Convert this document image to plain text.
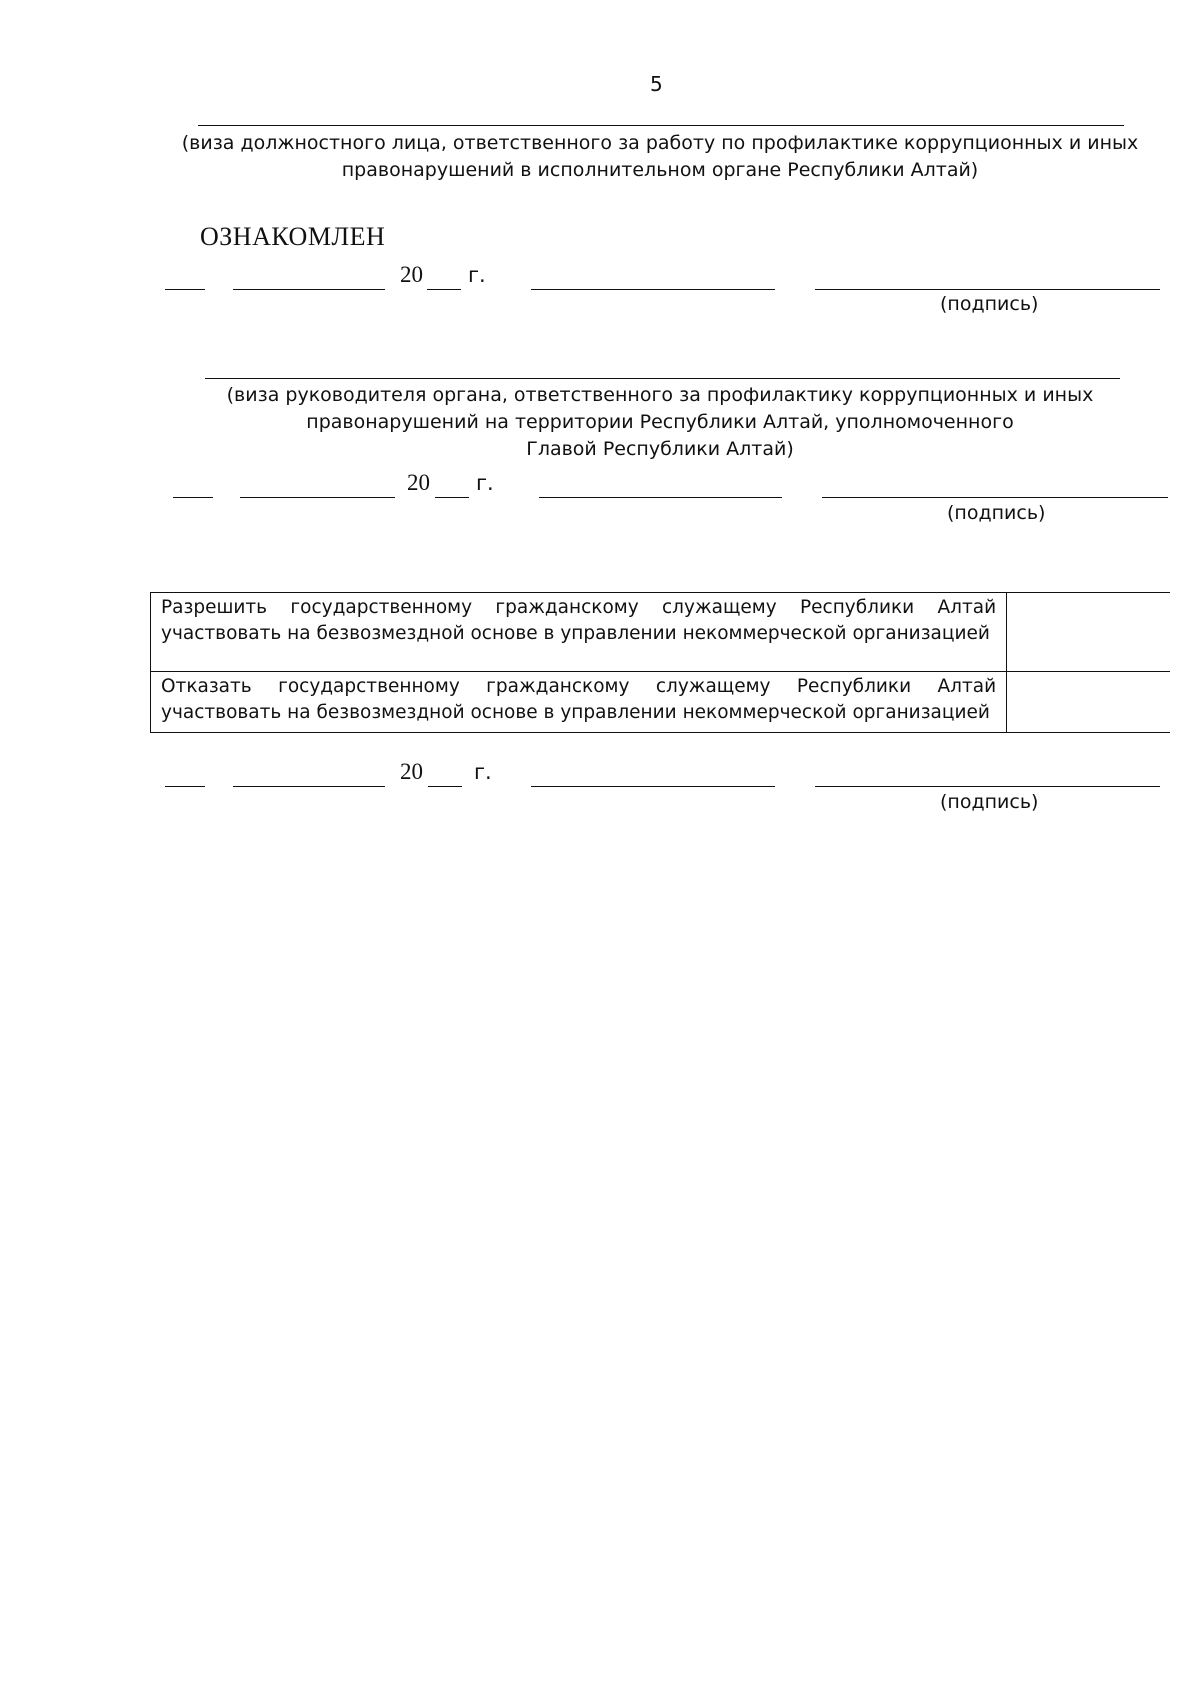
5
(виза должностного лица, ответственного за работу по профилактике коррупционных и иных
правонарушений в исполнительном органе Республики Алтай)
ОЗНАКОМЛЕН
20 г.
(подпись)
(виза руководителя органа, ответственного за профилактику коррупционных и иных
правонарушений на территории Республики Алтай, уполномоченного
Главой Республики Алтай)
20 г.
(подпись)
Разрешить государственному гражданскому служащему Республики Алтай участвовать на безвозмездной основе в управлении некоммерческой организацией	
Отказать государственному гражданскому служащему Республики Алтай участвовать на безвозмездной основе в управлении некоммерческой организацией	
20 г.
(подпись)
